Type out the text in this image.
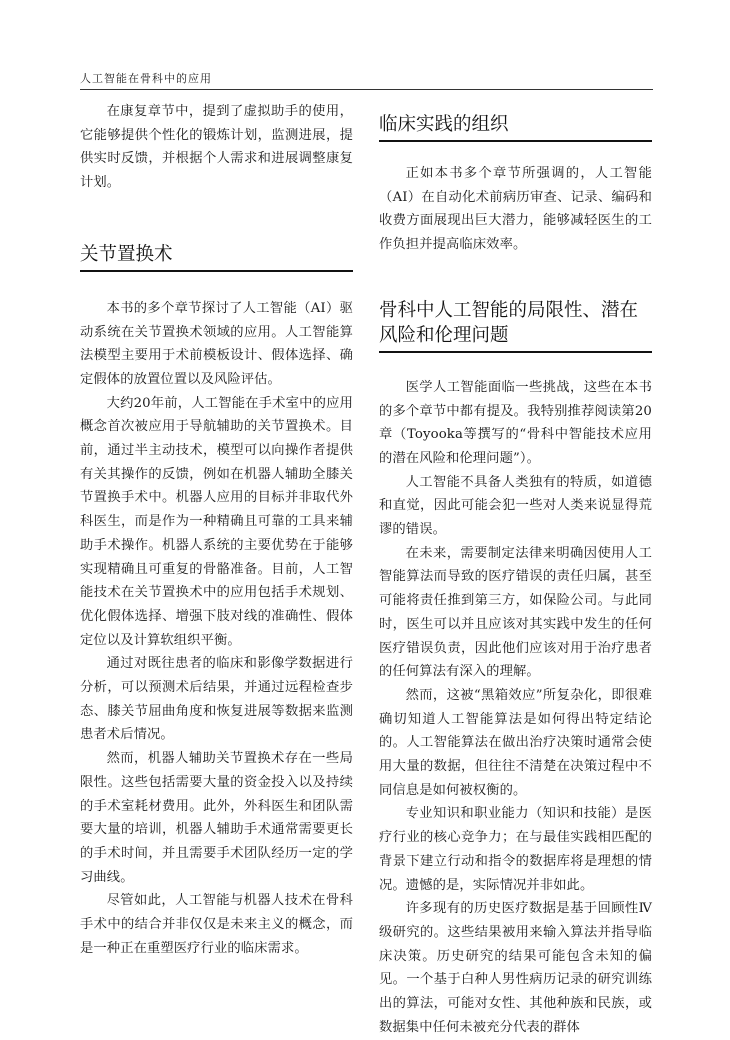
人工智能在骨科中的应用

在康复章节中，提到了虚拟助手的使用，它能够提供个性化的锻炼计划，监测进展，提供实时反馈，并根据个人需求和进展调整康复计划。

关节置换术

本书的多个章节探讨了人工智能（AI）驱动系统在关节置换术领域的应用。人工智能算法模型主要用于术前模板设计、假体选择、确定假体的放置位置以及风险评估。

大约20年前，人工智能在手术室中的应用概念首次被应用于导航辅助的关节置换术。目前，通过半主动技术，模型可以向操作者提供有关其操作的反馈，例如在机器人辅助全膝关节置换手术中。机器人应用的目标并非取代外科医生，而是作为一种精确且可靠的工具来辅助手术操作。机器人系统的主要优势在于能够实现精确且可重复的骨骼准备。目前，人工智能技术在关节置换术中的应用包括手术规划、优化假体选择、增强下肢对线的准确性、假体定位以及计算软组织平衡。

通过对既往患者的临床和影像学数据进行分析，可以预测术后结果，并通过远程检查步态、膝关节屈曲角度和恢复进展等数据来监测患者术后情况。

然而，机器人辅助关节置换术存在一些局限性。这些包括需要大量的资金投入以及持续的手术室耗材费用。此外，外科医生和团队需要大量的培训，机器人辅助手术通常需要更长的手术时间，并且需要手术团队经历一定的学习曲线。

尽管如此，人工智能与机器人技术在骨科手术中的结合并非仅仅是未来主义的概念，而是一种正在重塑医疗行业的临床需求。

临床实践的组织

正如本书多个章节所强调的，人工智能（AI）在自动化术前病历审查、记录、编码和收费方面展现出巨大潜力，能够减轻医生的工作负担并提高临床效率。

骨科中人工智能的局限性、潜在风险和伦理问题

医学人工智能面临一些挑战，这些在本书的多个章节中都有提及。我特别推荐阅读第20章（Toyooka等撰写的“骨科中智能技术应用的潜在风险和伦理问题”）。

人工智能不具备人类独有的特质，如道德和直觉，因此可能会犯一些对人类来说显得荒谬的错误。

在未来，需要制定法律来明确因使用人工智能算法而导致的医疗错误的责任归属，甚至可能将责任推到第三方，如保险公司。与此同时，医生可以并且应该对其实践中发生的任何医疗错误负责，因此他们应该对用于治疗患者的任何算法有深入的理解。

然而，这被“黑箱效应”所复杂化，即很难确切知道人工智能算法是如何得出特定结论的。人工智能算法在做出治疗决策时通常会使用大量的数据，但往往不清楚在决策过程中不同信息是如何被权衡的。

专业知识和职业能力（知识和技能）是医疗行业的核心竞争力；在与最佳实践相匹配的背景下建立行动和指令的数据库将是理想的情况。遗憾的是，实际情况并非如此。

许多现有的历史医疗数据是基于回顾性Ⅳ级研究的。这些结果被用来输入算法并指导临床决策。历史研究的结果可能包含未知的偏见。一个基于白种人男性病历记录的研究训练出的算法，可能对女性、其他种族和民族，或数据集中任何未被充分代表的群体
